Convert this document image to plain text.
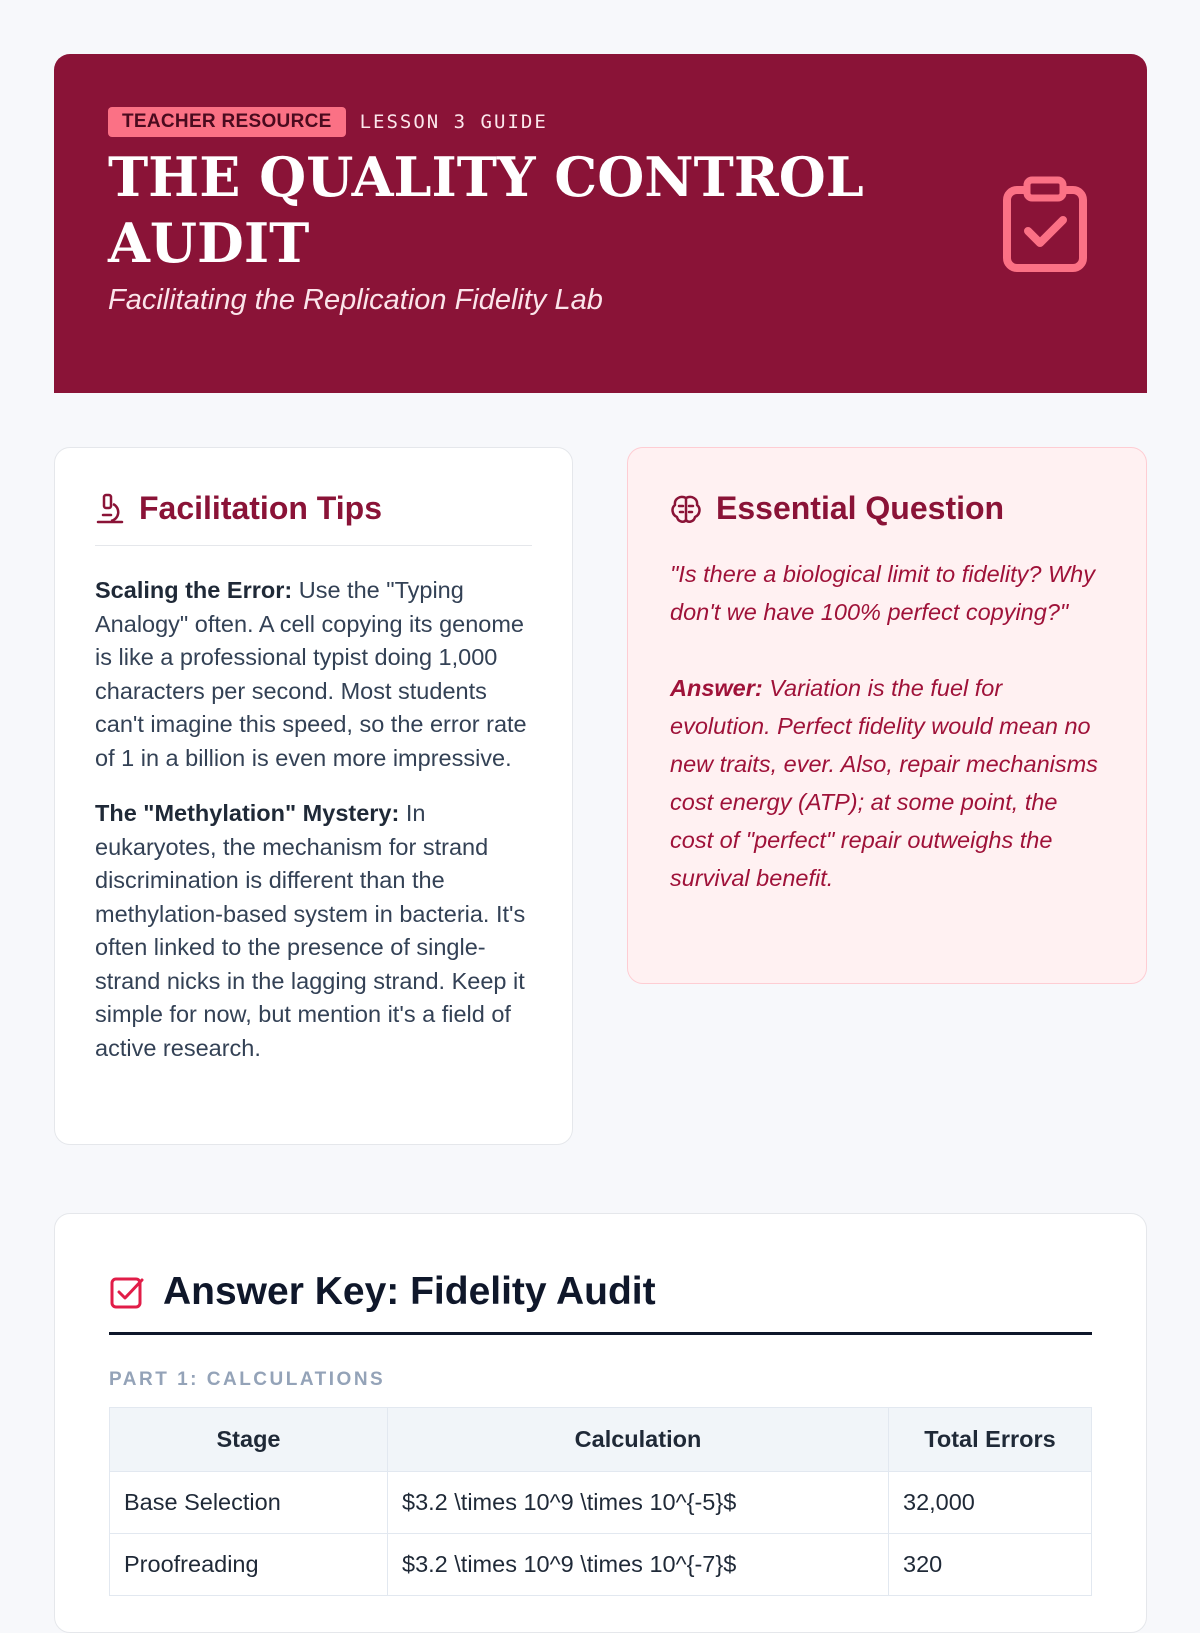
TEACHER RESOURCE	LESSON 3 GUIDE
THE QUALITY CONTROL AUDIT
Facilitating the Replication Fidelity Lab
Facilitation Tips

Scaling the Error: Use the "Typing Analogy" often. A cell copying its genome is like a professional typist doing 1,000 characters per second. Most students can't imagine this speed, so the error rate of 1 in a billion is even more impressive.

The "Methylation" Mystery: In eukaryotes, the mechanism for strand discrimination is different than the methylation-based system in bacteria. It's often linked to the presence of single-strand nicks in the lagging strand. Keep it simple for now, but mention it's a field of active research.

Essential Question

"Is there a biological limit to fidelity? Why don't we have 100% perfect copying?"

Answer: Variation is the fuel for evolution. Perfect fidelity would mean no new traits, ever. Also, repair mechanisms cost energy (ATP); at some point, the cost of "perfect" repair outweighs the survival benefit.

Answer Key: Fidelity Audit
PART 1: CALCULATIONS
Stage	Calculation	Total Errors
Base Selection	$3.2 \times 10^9 \times 10^{-5}$	32,000
Proofreading	$3.2 \times 10^9 \times 10^{-7}$	320
